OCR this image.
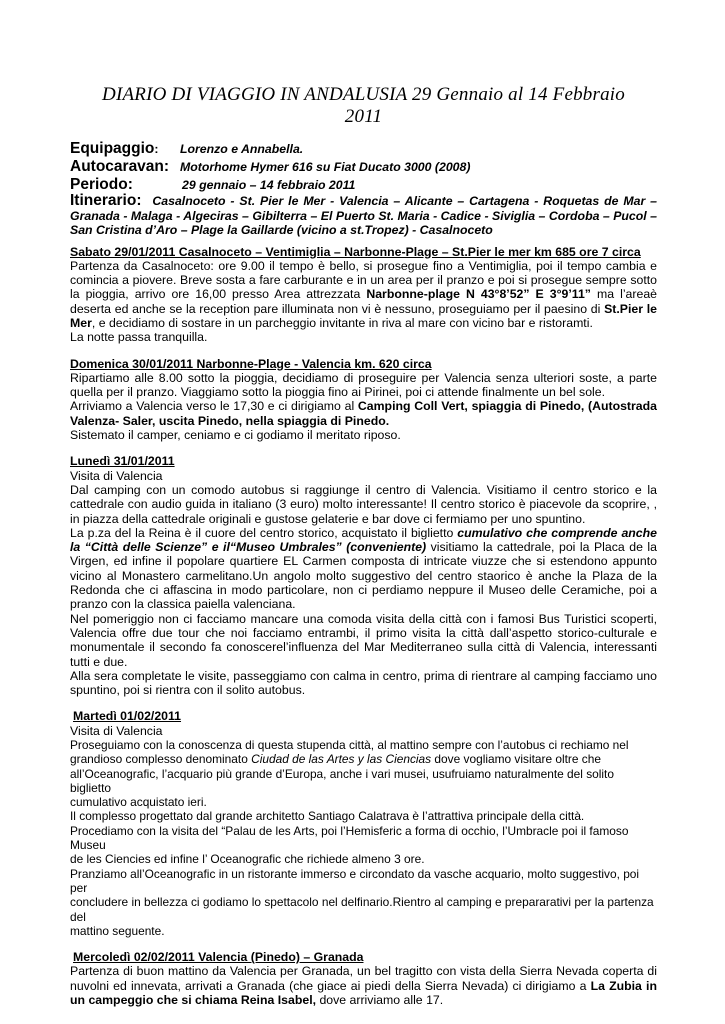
DIARIO DI VIAGGIO IN ANDALUSIA 29 Gennaio al 14 Febbraio
2011
Equipaggio: Lorenzo e Annabella.
Autocaravan: Motorhome Hymer 616 su Fiat Ducato 3000 (2008)
Periodo:	29 gennaio – 14 febbraio 2011
Itinerario: Casalnoceto - St. Pier le Mer - Valencia – Alicante – Cartagena - Roquetas de Mar – Granada - Malaga - Algeciras – Gibilterra – El Puerto St. Maria - Cadice - Siviglia – Cordoba – Pucol – San Cristina d’Aro – Plage la Gaillarde (vicino a st.Tropez) - Casalnoceto
Sabato 29/01/2011 Casalnoceto – Ventimiglia – Narbonne-Plage – St.Pier le mer km 685 ore 7 circa

Partenza da Casalnoceto: ore 9.00 il tempo è bello, si prosegue fino a Ventimiglia, poi il tempo cambia e comincia a piovere. Breve sosta a fare carburante e in un area per il pranzo e poi si prosegue sempre sotto la pioggia, arrivo ore 16,00 presso Area attrezzata Narbonne-plage N 43°8’52” E 3°9’11” ma l’areaè deserta ed anche se la reception pare illuminata non vi è nessuno, proseguiamo per il paesino di St.Pier le Mer, e decidiamo di sostare in un parcheggio invitante in riva al mare con vicino bar e ristoramti.

La notte passa tranquilla.

Domenica 30/01/2011 Narbonne-Plage - Valencia km. 620 circa

Ripartiamo alle 8.00 sotto la pioggia, decidiamo di proseguire per Valencia senza ulteriori soste, a parte quella per il pranzo. Viaggiamo sotto la pioggia fino ai Pirinei, poi ci attende finalmente un bel sole.

Arriviamo a Valencia verso le 17,30 e ci dirigiamo al Camping Coll Vert, spiaggia di Pinedo, (Autostrada Valenza- Saler, uscita Pinedo, nella spiaggia di Pinedo.

Sistemato il camper, ceniamo e ci godiamo il meritato riposo.

Lunedì 31/01/2011

Visita di Valencia

Dal camping con un comodo autobus si raggiunge il centro di Valencia. Visitiamo il centro storico e la cattedrale con audio guida in italiano (3 euro) molto interessante! Il centro storico è piacevole da scoprire, , in piazza della cattedrale originali e gustose gelaterie e bar dove ci fermiamo per uno spuntino.

La p.za del la Reina è il cuore del centro storico, acquistato il biglietto cumulativo che comprende anche la “Città delle Scienze” e il“Museo Umbrales” (conveniente) visitiamo la cattedrale, poi la Placa de la Virgen, ed infine il popolare quartiere EL Carmen composta di intricate viuzze che si estendono appunto vicino al Monastero carmelitano.Un angolo molto suggestivo del centro staorico è anche la Plaza de la Redonda che ci affascina in modo particolare, non ci perdiamo neppure il Museo delle Ceramiche, poi a pranzo con la classica paiella valenciana.

Nel pomeriggio non ci facciamo mancare una comoda visita della città con i famosi Bus Turistici scoperti, Valencia offre due tour che noi facciamo entrambi, il primo visita la città dall’aspetto storico-culturale e monumentale il secondo fa conoscerel’influenza del Mar Mediterraneo sulla città di Valencia, interessanti tutti e due.

Alla sera completate le visite, passeggiamo con calma in centro, prima di rientrare al camping facciamo uno spuntino, poi si rientra con il solito autobus.

Martedì 01/02/2011

Visita di Valencia

Proseguiamo con la conoscenza di questa stupenda città, al mattino sempre con l’autobus ci rechiamo nel

grandioso complesso denominato Ciudad de las Artes y las Ciencias dove vogliamo visitare oltre che

all’Oceanografic, l’acquario più grande d’Europa, anche i vari musei, usufruiamo naturalmente del solito biglietto

cumulativo acquistato ieri.

Il complesso progettato dal grande architetto Santiago Calatrava è l’attrattiva principale della città.

Procediamo con la visita del “Palau de les Arts, poi l’Hemisferic a forma di occhio, l’Umbracle poi il famoso Museu

de les Ciencies ed infine l’ Oceanografic che richiede almeno 3 ore.

Pranziamo all’Oceanografic in un ristorante immerso e circondato da vasche acquario, molto suggestivo, poi per

concludere in bellezza ci godiamo lo spettacolo nel delfinario.Rientro al camping e prepararativi per la partenza del

mattino seguente.

Mercoledì 02/02/2011 Valencia (Pinedo) – Granada

Partenza di buon mattino da Valencia per Granada, un bel tragitto con vista della Sierra Nevada coperta di nuvolni ed innevata, arrivati a Granada (che giace ai piedi della Sierra Nevada) ci dirigiamo a La Zubia in un campeggio che si chiama Reina Isabel, dove arriviamo alle 17.
